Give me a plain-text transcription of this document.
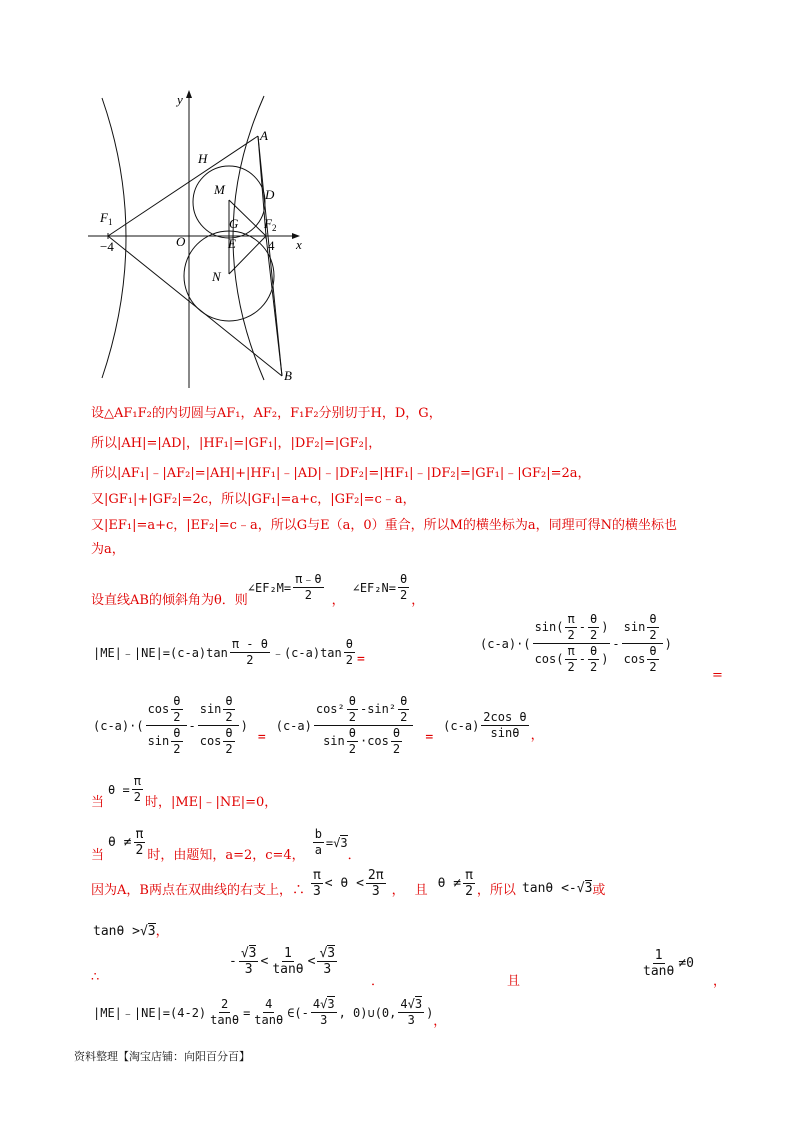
y
x
A
H
M	D
$F_1$	G $F_2$
−4	O	E 4
N
B
设△AF₁F₂的内切圆与AF₁，AF₂，F₁F₂分别切于H，D，G，
所以|AH|=|AD|，|HF₁|=|GF₁|，|DF₂|=|GF₂|，
所以|AF₁|﹣|AF₂|=|AH|+|HF₁|﹣|AD|﹣|DF₂|=|HF₁|﹣|DF₂|=|GF₁|﹣|GF₂|=2a，
又|GF₁|+|GF₂|=2c，所以|GF₁|=a+c，|GF₂|=c﹣a，
又|EF₁|=a+c，|EF₂|=c﹣a，所以G与E（a，0）重合，所以M的横坐标为a，同理可得N的横坐标也
为a，
设直线AB的倾斜角为θ．则
∠EF₂M= $\frac{\pi﹣\theta}{2}$ ，
∠EF₂N= $\frac{\theta}{2}$ ，
|ME|﹣|NE|=(c-a)tan $\frac{\pi - \theta}{2}$ ﹣(c-a)tan $\frac{\theta}{2}$ =
$(c-a)\cdot( \frac{\sin( \frac{\pi}{2} - \frac{\theta}{2} )}{\cos( \frac{\pi}{2} - \frac{\theta}{2} )} - \frac{\sin \frac{\theta}{2}}{\cos \frac{\theta}{2}}$ )
=
$(c-a)\cdot( \frac{\cos \frac{\theta}{2}}{\sin \frac{\theta}{2}} - \frac{\sin \frac{\theta}{2}}{\cos \frac{\theta}{2}}$ )
=
$(c-a) \frac{\cos^2 \frac{\theta}{2} -\sin^2 \frac{\theta}{2}}{\sin \frac{\theta}{2} \cdot\cos \frac{\theta}{2}}$ =
$(c-a) \frac{\text{2cos θ}}{\sin\theta}$ ，
当
$\theta = \frac{\pi}{2}$ 时，|ME|﹣|NE|=0，
当
$\theta \ne \frac{\pi}{2}$ 时，由题知，a=2，c=4， $\frac{b}{a}$ =√ 3
．
因为A，B两点在双曲线的右支上，∴ $\frac{\pi}{3} < \theta < \frac{2\pi}{3}$ ， 且 $\theta \ne \frac{\pi}{2}$ ，所以 tanθ <-√3 或
tanθ >√3，
∴
- $\frac{√3}{3} < \frac{1}{\tan\theta} < \frac{√3}{3}$
．	且
$\frac{1}{\tan\theta} \ne 0$
，
|ME|﹣|NE|=(4-2) $\frac{2}{\tan\theta} = \frac{4}{\tan\theta}$ ∈(- $\frac{4√3}{3}$ , 0)∪(0, $\frac{4√3}{3}$ )
，
资料整理【淘宝店铺：向阳百分百】
